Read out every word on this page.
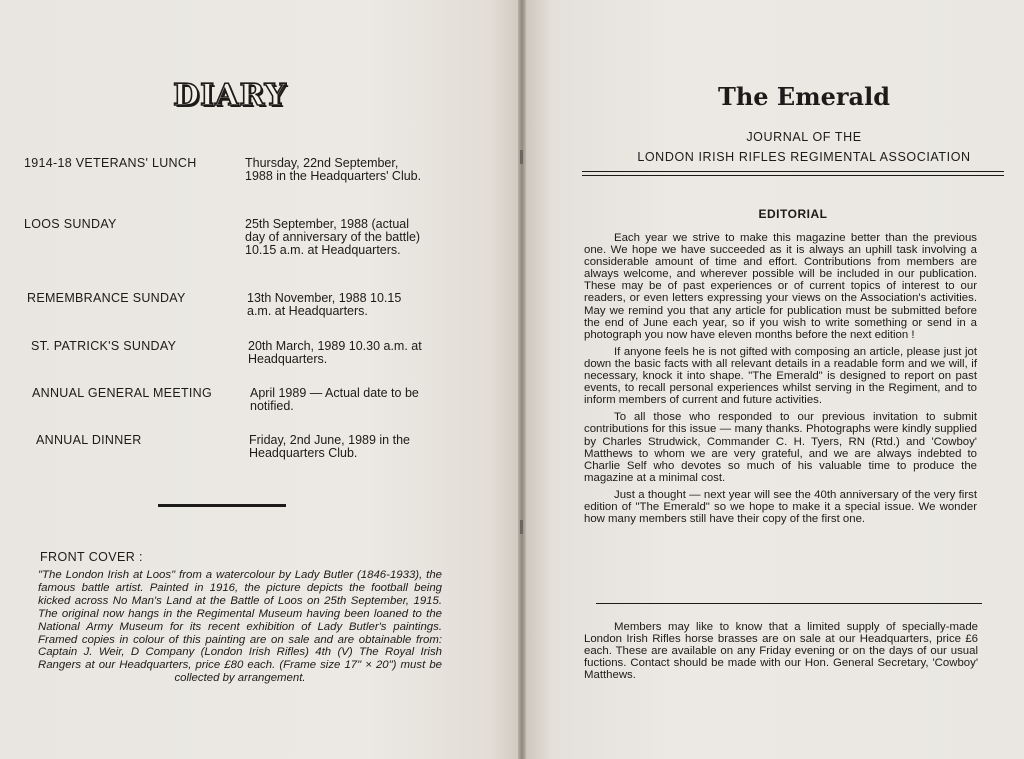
DIARY
1914-18 VETERANS' LUNCH	Thursday, 22nd September, 1988 in the Headquarters' Club.
LOOS SUNDAY	25th September, 1988 (actual day of anniversary of the battle) 10.15 a.m. at Headquarters.
REMEMBRANCE SUNDAY	13th November, 1988 10.15 a.m. at Headquarters.
ST. PATRICK'S SUNDAY	20th March, 1989 10.30 a.m. at Headquarters.
ANNUAL GENERAL MEETING	April 1989 — Actual date to be notified.
ANNUAL DINNER	Friday, 2nd June, 1989 in the Headquarters Club.
FRONT COVER :
"The London Irish at Loos" from a watercolour by Lady Butler (1846-1933), the famous battle artist. Painted in 1916, the picture depicts the football being kicked across No Man's Land at the Battle of Loos on 25th September, 1915. The original now hangs in the Regimental Museum having been loaned to the National Army Museum for its recent exhibition of Lady Butler's paintings. Framed copies in colour of this painting are on sale and are obtainable from: Captain J. Weir, D Company (London Irish Rifles) 4th (V) The Royal Irish Rangers at our Headquarters, price £80 each. (Frame size 17" × 20") must be collected by arrangement.
The Emerald
JOURNAL OF THE
LONDON IRISH RIFLES REGIMENTAL ASSOCIATION
EDITORIAL

Each year we strive to make this magazine better than the previous one. We hope we have succeeded as it is always an uphill task involving a considerable amount of time and effort. Contributions from members are always welcome, and wherever possible will be included in our publication. These may be of past experiences or of current topics of interest to our readers, or even letters expressing your views on the Association's activities. May we remind you that any article for publication must be submitted before the end of June each year, so if you wish to write something or send in a photograph you now have eleven months before the next edition !

If anyone feels he is not gifted with composing an article, please just jot down the basic facts with all relevant details in a readable form and we will, if necessary, knock it into shape. "The Emerald" is designed to report on past events, to recall personal experiences whilst serving in the Regiment, and to inform members of current and future activities.

To all those who responded to our previous invitation to submit contributions for this issue — many thanks. Photographs were kindly supplied by Charles Strudwick, Commander C. H. Tyers, RN (Rtd.) and 'Cowboy' Matthews to whom we are very grateful, and we are always indebted to Charlie Self who devotes so much of his valuable time to produce the magazine at a minimal cost.

Just a thought — next year will see the 40th anniversary of the very first edition of "The Emerald" so we hope to make it a special issue. We wonder how many members still have their copy of the first one.

Members may like to know that a limited supply of specially-made London Irish Rifles horse brasses are on sale at our Headquarters, price £6 each. These are available on any Friday evening or on the days of our usual fuctions. Contact should be made with our Hon. General Secretary, 'Cowboy' Matthews.
